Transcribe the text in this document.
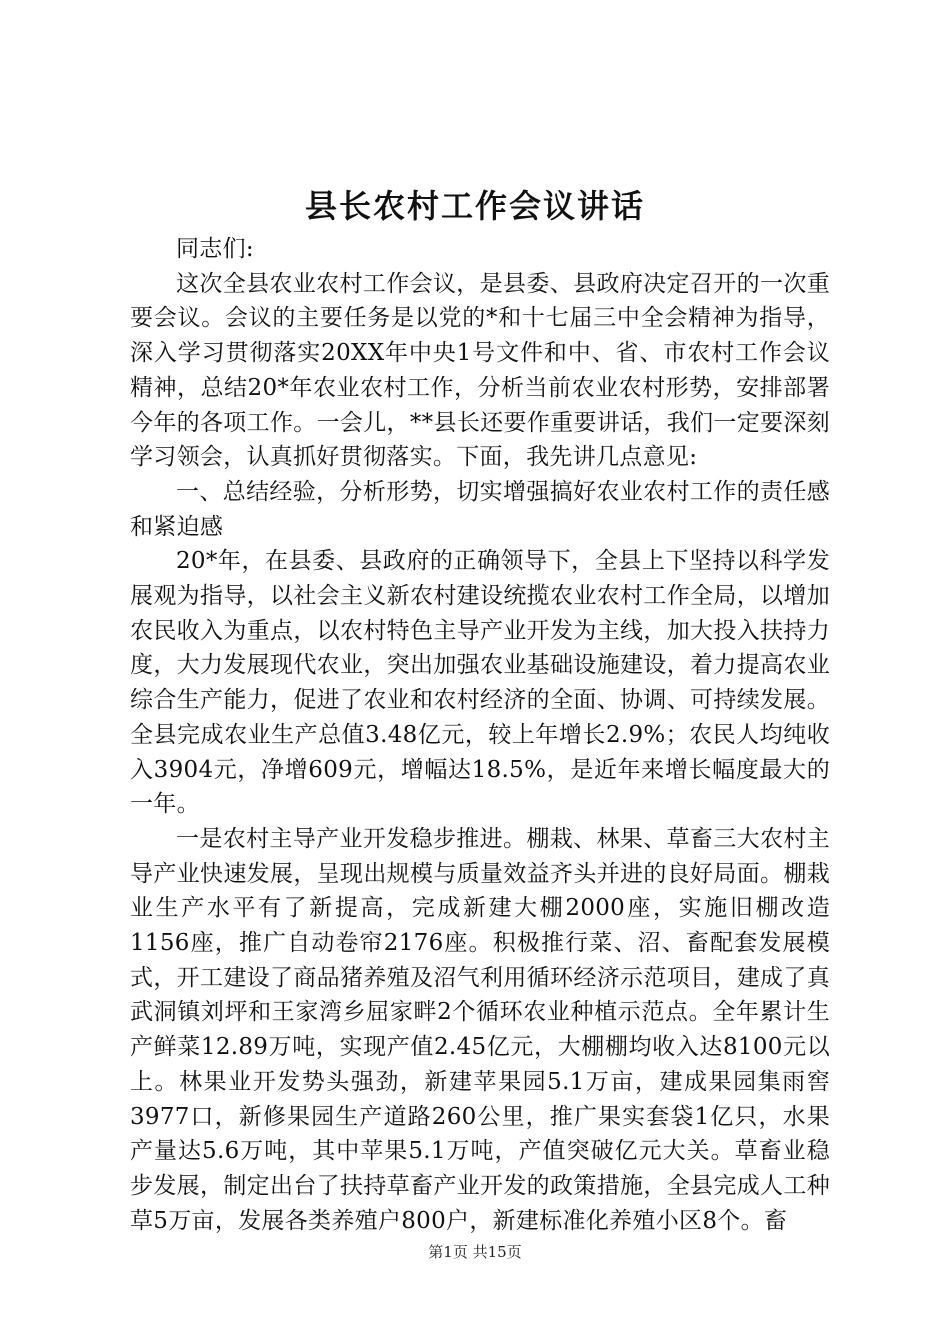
县长农村工作会议讲话

同志们:

这次全县农业农村工作会议，是县委、县政府决定召开的一次重要会议。会议的主要任务是以党的*和十七届三中全会精神为指导，深入学习贯彻落实20XX年中央1号文件和中、省、市农村工作会议精神，总结20*年农业农村工作，分析当前农业农村形势，安排部署今年的各项工作。一会儿，**县长还要作重要讲话，我们一定要深刻学习领会，认真抓好贯彻落实。下面，我先讲几点意见:

一、总结经验，分析形势，切实增强搞好农业农村工作的责任感和紧迫感

20*年，在县委、县政府的正确领导下，全县上下坚持以科学发展观为指导，以社会主义新农村建设统揽农业农村工作全局，以增加农民收入为重点，以农村特色主导产业开发为主线，加大投入扶持力度，大力发展现代农业，突出加强农业基础设施建设，着力提高农业综合生产能力，促进了农业和农村经济的全面、协调、可持续发展。全县完成农业生产总值3.48亿元，较上年增长2.9%；农民人均纯收入3904元，净增609元，增幅达18.5%，是近年来增长幅度最大的一年。

一是农村主导产业开发稳步推进。棚栽、林果、草畜三大农村主导产业快速发展，呈现出规模与质量效益齐头并进的良好局面。棚栽业生产水平有了新提高，完成新建大棚2000座，实施旧棚改造1156座，推广自动卷帘2176座。积极推行菜、沼、畜配套发展模式，开工建设了商品猪养殖及沼气利用循环经济示范项目，建成了真武洞镇刘坪和王家湾乡屈家畔2个循环农业种植示范点。全年累计生产鲜菜12.89万吨，实现产值2.45亿元，大棚棚均收入达8100元以上。林果业开发势头强劲，新建苹果园5.1万亩，建成果园集雨窖3977口，新修果园生产道路260公里，推广果实套袋1亿只，水果产量达5.6万吨，其中苹果5.1万吨，产值突破亿元大关。草畜业稳步发展，制定出台了扶持草畜产业开发的政策措施，全县完成人工种草5万亩，发展各类养殖户800户，新建标准化养殖小区8个。畜

第1页 共15页
